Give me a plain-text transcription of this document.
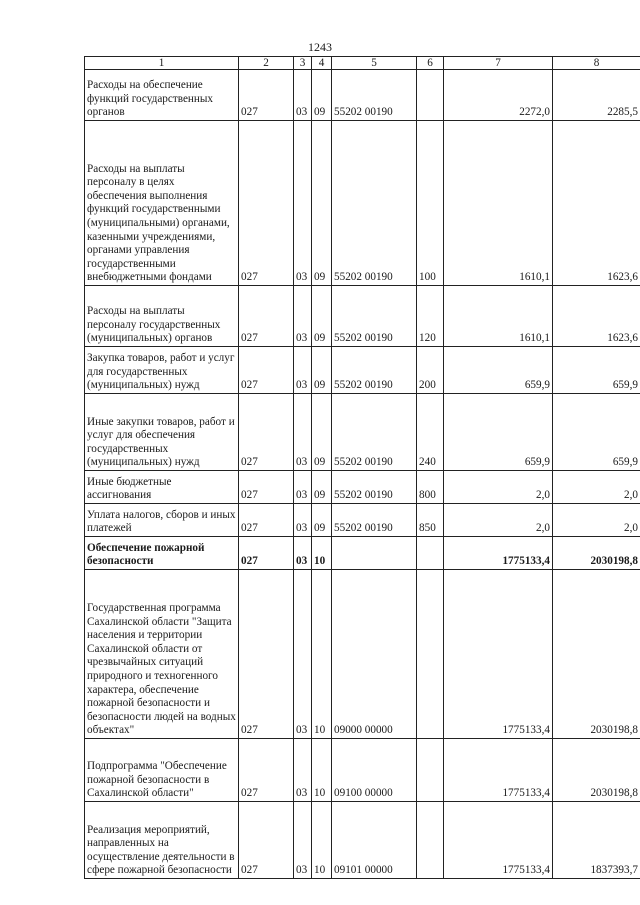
1243
1	2	3	4	5	6	7	8
Расходы на обеспечение функций государственных органов	027	03	09	55202 00190		2272,0	2285,5
Расходы на выплаты персоналу в целях обеспечения выполнения функций государственными (муниципальными) органами, казенными учреждениями, органами управления государственными внебюджетными фондами	027	03	09	55202 00190	100	1610,1	1623,6
Расходы на выплаты персоналу государственных (муниципальных) органов	027	03	09	55202 00190	120	1610,1	1623,6
Закупка товаров, работ и услуг для государственных (муниципальных) нужд	027	03	09	55202 00190	200	659,9	659,9
Иные закупки товаров, работ и услуг для обеспечения государственных (муниципальных) нужд	027	03	09	55202 00190	240	659,9	659,9
Иные бюджетные ассигнования	027	03	09	55202 00190	800	2,0	2,0
Уплата налогов, сборов и иных платежей	027	03	09	55202 00190	850	2,0	2,0
Обеспечение пожарной безопасности	027	03	10			1775133,4	2030198,8
Государственная программа Сахалинской области "Защита населения и территории Сахалинской области от чрезвычайных ситуаций природного и техногенного характера, обеспечение пожарной безопасности и безопасности людей на водных объектах"	027	03	10	09000 00000		1775133,4	2030198,8
Подпрограмма "Обеспечение пожарной безопасности в Сахалинской области"	027	03	10	09100 00000		1775133,4	2030198,8
Реализация мероприятий, направленных на осуществление деятельности в сфере пожарной безопасности	027	03	10	09101 00000		1775133,4	1837393,7
